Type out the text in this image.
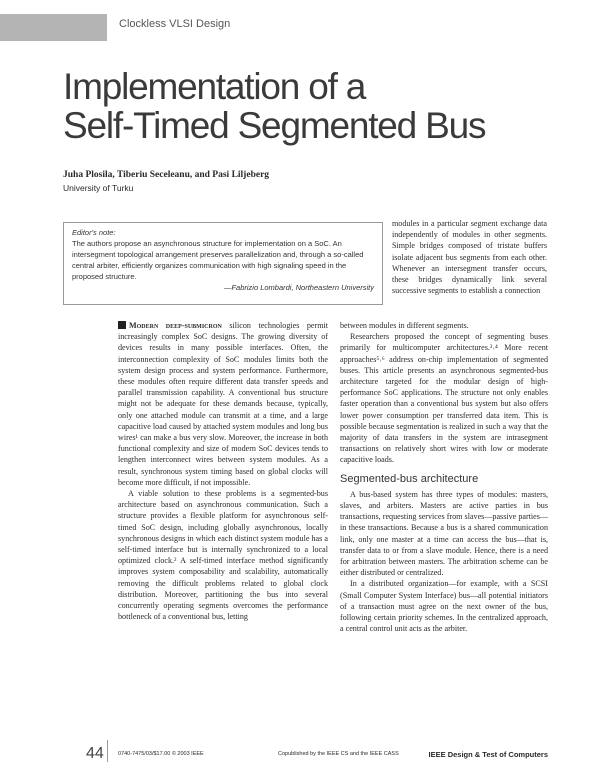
Clockless VLSI Design
Implementation of a
Self-Timed Segmented Bus
Juha Plosila, Tiberiu Seceleanu, and Pasi Liljeberg
University of Turku
Editor's note:
The authors propose an asynchronous structure for implementation on a SoC. An intersegment topological arrangement preserves parallelization and, through a so-called central arbiter, efficiently organizes communication with high signaling speed in the proposed structure.
—Fabrizio Lombardi, Northeastern University

modules in a particular segment exchange data independently of modules in other segments. Simple bridges composed of tristate buffers isolate adjacent bus segments from each other. Whenever an intersegment transfer occurs, these bridges dynamically link several successive segments to establish a connection

Modern deep-submicron silicon technologies permit increasingly complex SoC designs. The growing diversity of devices results in many possible interfaces. Often, the interconnection complexity of SoC modules limits both the system design process and system performance. Furthermore, these modules often require different data transfer speeds and parallel transmission capability. A conventional bus structure might not be adequate for these demands because, typically, only one attached module can transmit at a time, and a large capacitive load caused by attached system modules and long bus wires¹ can make a bus very slow. Moreover, the increase in both functional complexity and size of modern SoC devices tends to lengthen interconnect wires between system modules. As a result, synchronous system timing based on global clocks will become more difficult, if not impossible.

A viable solution to these problems is a segmented-bus architecture based on asynchronous communication. Such a structure provides a flexible platform for asynchronous self-timed SoC design, including globally asynchronous, locally synchronous designs in which each distinct system module has a self-timed interface but is internally synchronized to a local optimized clock.² A self-timed interface method significantly improves system composability and scalability, automatically removing the difficult problems related to global clock distribution. Moreover, partitioning the bus into several concurrently operating segments overcomes the performance bottleneck of a conventional bus, letting

between modules in different segments.

Researchers proposed the concept of segmenting buses primarily for multicomputer architectures.³˒⁴ More recent approaches⁵˒⁶ address on-chip implementation of segmented buses. This article presents an asynchronous segmented-bus architecture targeted for the modular design of high-performance SoC applications. The structure not only enables faster operation than a conventional bus system but also offers lower power consumption per transferred data item. This is possible because segmentation is realized in such a way that the majority of data transfers in the system are intrasegment transactions on relatively short wires with low or moderate capacitive loads.

Segmented-bus architecture

A bus-based system has three types of modules: masters, slaves, and arbiters. Masters are active parties in bus transactions, requesting services from slaves—passive parties—in these transactions. Because a bus is a shared communication link, only one master at a time can access the bus—that is, transfer data to or from a slave module. Hence, there is a need for arbitration between masters. The arbitration scheme can be either distributed or centralized.

In a distributed organization—for example, with a SCSI (Small Computer System Interface) bus—all potential initiators of a transaction must agree on the next owner of the bus, following certain priority schemes. In the centralized approach, a central control unit acts as the arbiter.

44	0740-7475/03/$17.00 © 2003 IEEE	Copublished by the IEEE CS and the IEEE CASS	IEEE Design & Test of Computers
